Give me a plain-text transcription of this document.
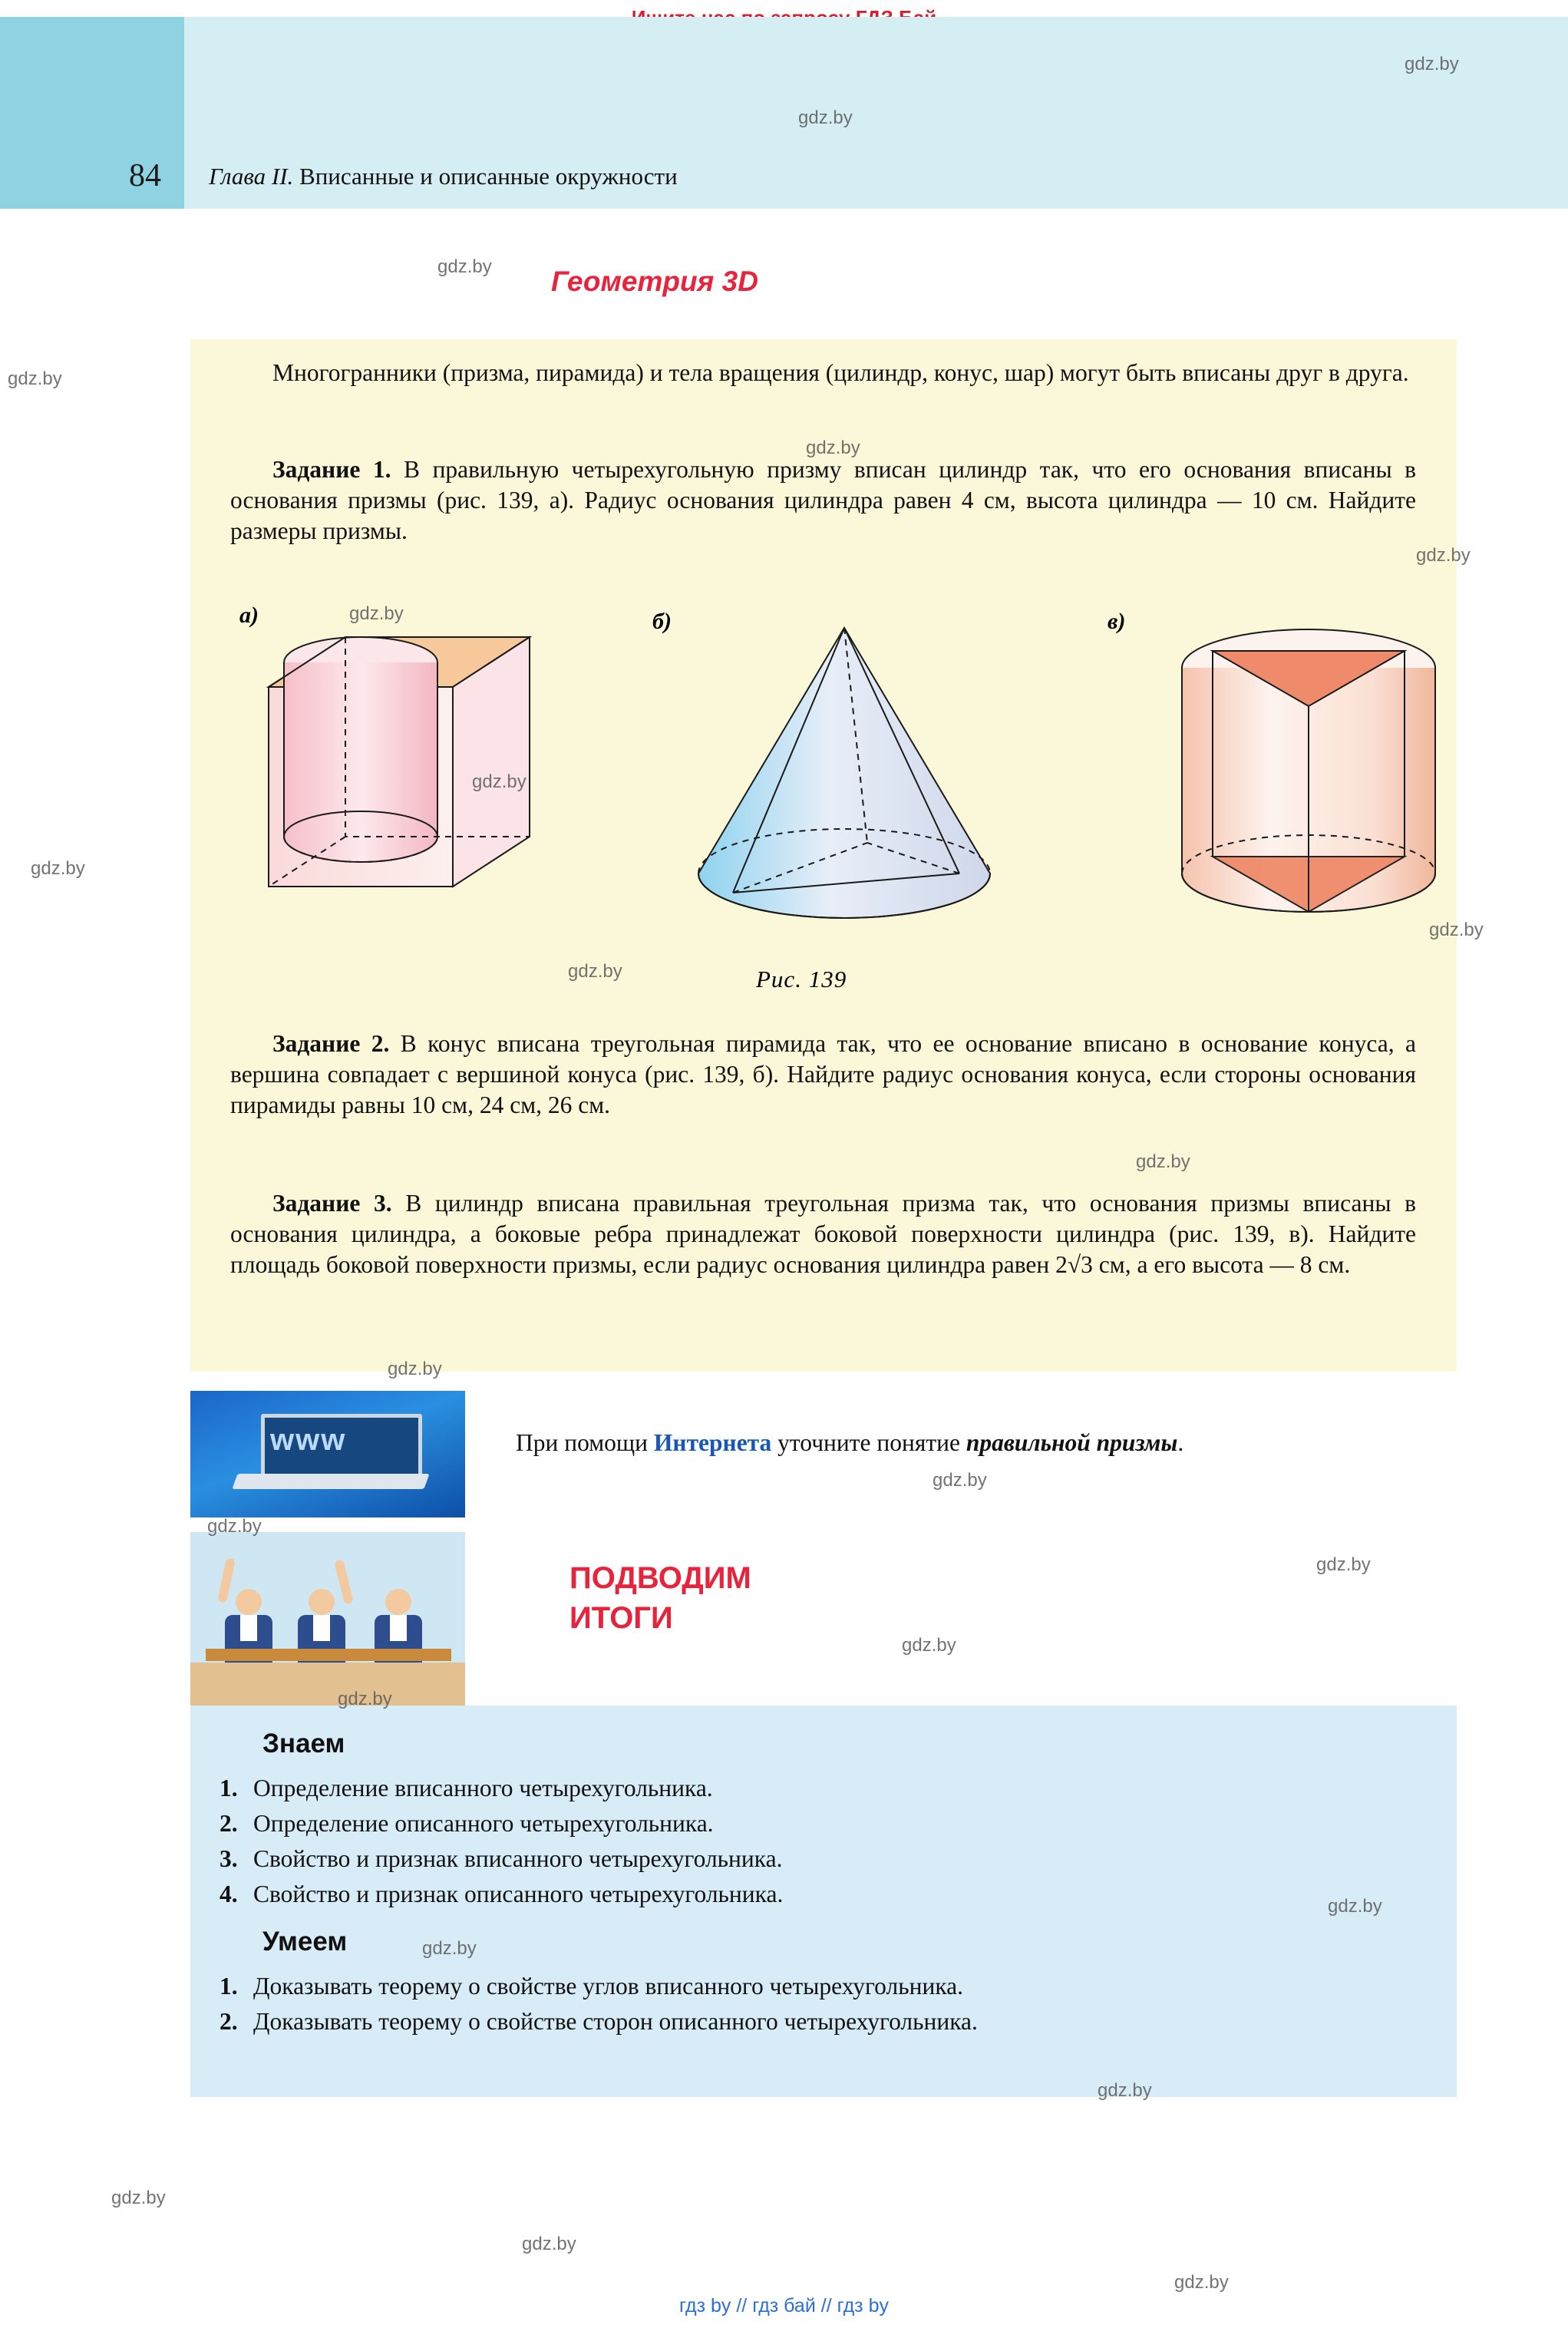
84 Глава II. Вписанные и описанные окружности
Геометрия 3D
Многогранники (призма, пирамида) и тела вращения (цилиндр, конус, шар) могут быть вписаны друг в друга.
Задание 1. В правильную четырехугольную призму вписан цилиндр так, что его основания вписаны в основания призмы (рис. 139, а). Радиус основания цилиндра равен 4 см, высота цилиндра — 10 см. Найдите размеры призмы.
а)	б)	в)
Рис. 139
Задание 2. В конус вписана треугольная пирамида так, что ее основание вписано в основание конуса, а вершина совпадает с вершиной конуса (рис. 139, б). Найдите радиус основания конуса, если стороны основания пирамиды равны 10 см, 24 см, 26 см.
Задание 3. В цилиндр вписана правильная треугольная призма так, что основания призмы вписаны в основания цилиндра, а боковые ребра принадлежат боковой поверхности цилиндра (рис. 139, в). Найдите площадь боковой поверхности призмы, если радиус основания цилиндра равен 2√3 см, а его высота — 8 см.
www	При помощи Интернета уточните понятие правильной призмы.
ПОДВОДИМ
ИТОГИ
Знаем
1. Определение вписанного четырехугольника.
2. Определение описанного четырехугольника.
3. Свойство и признак вписанного четырехугольника.
4. Свойство и признак описанного четырехугольника.
Умеем
1. Доказывать теорему о свойстве углов вписанного четырехугольника.
2. Доказывать теорему о свойстве сторон описанного четырехугольника.
гдз by // гдз бай // гдз bу
gdz.by
gdz.by
gdz.by
gdz.by
gdz.by
gdz.by
gdz.by
gdz.by
gdz.by
gdz.by
gdz.by
gdz.by
gdz.by
gdz.by
gdz.by
gdz.by
gdz.by
gdz.by
gdz.by
gdz.by
gdz.by
gdz.by
gdz.by
gdz.by
